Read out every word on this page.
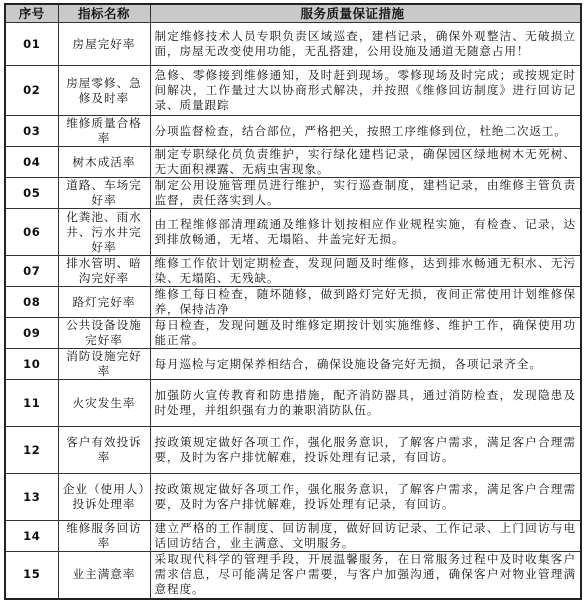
序号	指标名称	服务质量保证措施
01	房屋完好率	制定维修技术人员专职负责区域巡查，建档记录，确保外观整洁、无破损立面，房屋无改变使用功能，无乱搭建，公用设施及通道无随意占用！
02	房屋零修、急修及时率	急修、零修接到维修通知，及时赶到现场。零修现场及时完成；或按规定时间解决，工作量过大以协商形式解决，并按照《维修回访制度》进行回访记录、质量跟踪
03	维修质量合格率	分项监督检查，结合部位，严格把关，按照工序维修到位，杜绝二次返工。
04	树木成活率	制定专职绿化员负责维护，实行绿化建档记录，确保园区绿地树木无死树、无大面积裸露、无病虫害现象。
05	道路、车场完好率	制定公用设施管理员进行维护，实行巡查制度，建档记录，由维修主管负责监督，责任落实到人。
06	化粪池、雨水井、污水井完好率	由工程维修部清理疏通及维修计划按相应作业规程实施，有检查、记录，达到排放畅通，无堵、无塌陷、井盖完好无损。
07	排水管明、暗沟完好率	维修工作依计划定期检查，发现问题及时维修，达到排水畅通无积水、无污染、无塌陷、无残缺。
08	路灯完好率	维修工每日检查，随坏随修，做到路灯完好无损，夜间正常使用计划维修保养，保持洁净
09	公共设备设施完好率	每日检查，发现问题及时维修定期按计划实施维修、维护工作，确保使用功能正常。
10	消防设施完好率	每月巡检与定期保养相结合，确保设施设备完好无损，各项记录齐全。
11	火灾发生率	加强防火宣传教育和防患措施，配齐消防器具，通过消防检查，发现隐患及时处理，并组织强有力的兼职消防队伍。
12	客户有效投诉率	按政策规定做好各项工作，强化服务意识，了解客户需求，满足客户合理需要，及时为客户排忧解难，投诉处理有记录，有回访。
13	企业（使用人）投诉处理率	按政策规定做好各项工作，强化服务意识，了解客户需求，满足客户合理需要，及时为客户排忧解难，投诉处理有记录，有回访。
14	维修服务回访率	建立严格的工作制度、回访制度，做好回访记录、工作记录、上门回访与电话回访结合，业主满意、文明服务。
15	业主满意率	采取现代科学的管理手段，开展温馨服务，在日常服务过程中及时收集客户需求信息，尽可能满足客户需要，与客户加强沟通，确保客户对物业管理满意程度。
